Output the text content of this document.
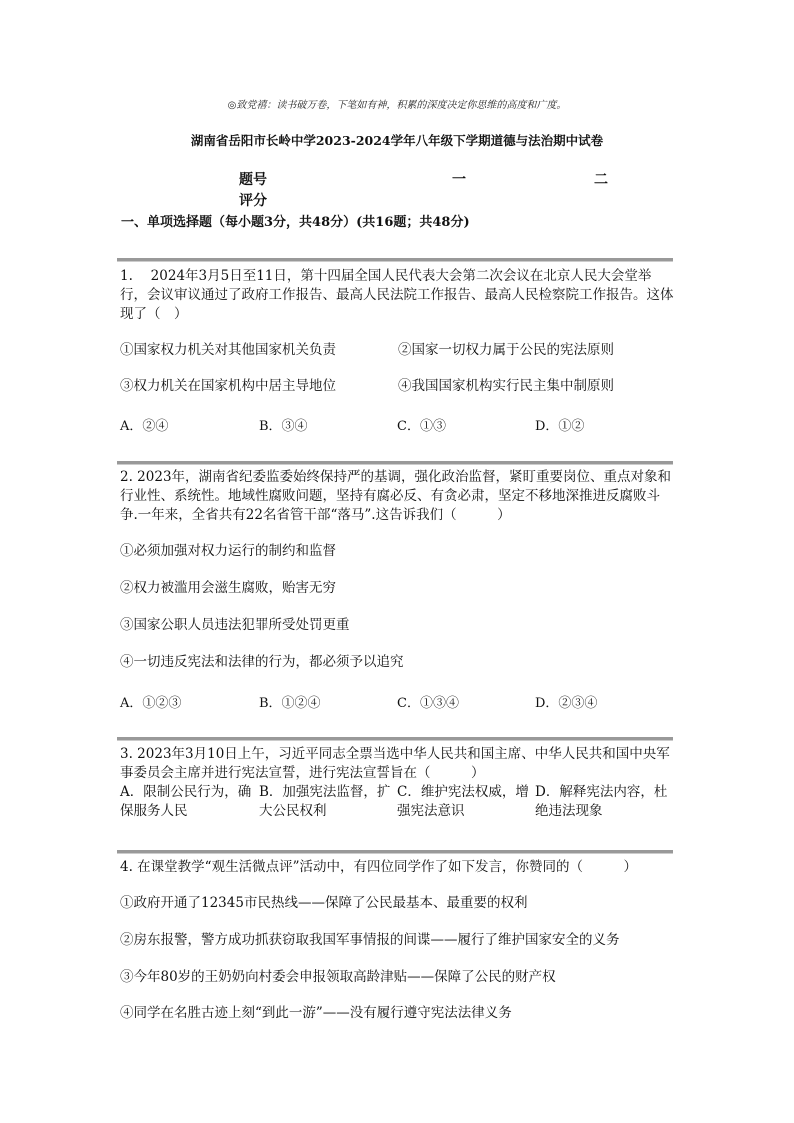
◎致党禧：读书破万卷，下笔如有神，积累的深度决定你思维的高度和广度。
湖南省岳阳市长岭中学2023-2024学年八年级下学期道德与法治期中试卷
题号	一	二
评分
一、单项选择题（每小题3分，共48分）(共16题；共48分)
1.　 2024年3月5日至11日，第十四届全国人民代表大会第二次会议在北京人民大会堂举行，会议审议通过了政府工作报告、最高人民法院工作报告、最高人民检察院工作报告。这体现了（　）
①国家权力机关对其他国家机关负责	②国家一切权力属于公民的宪法原则
③权力机关在国家机构中居主导地位	④我国国家机构实行民主集中制原则
A．②④	B．③④	C．①③	D．①②
2. 2023年，湖南省纪委监委始终保持严的基调，强化政治监督，紧盯重要岗位、重点对象和行业性、系统性。地域性腐败问题，坚持有腐必反、有贪必肃，坚定不移地深推进反腐败斗争.一年来，全省共有22名省管干部“落马”.这告诉我们（　　　）
①必须加强对权力运行的制约和监督
②权力被滥用会滋生腐败，贻害无穷
③国家公职人员违法犯罪所受处罚更重
④一切违反宪法和法律的行为，都必须予以追究
A．①②③	B．①②④	C．①③④	D．②③④
3. 2023年3月10日上午，习近平同志全票当选中华人民共和国主席、中华人民共和国中央军事委员会主席并进行宪法宣誓，进行宪法宣誓旨在（　　　）
A．限制公民行为，确保服务人民
B．加强宪法监督，扩大公民权利
C．维护宪法权威，增强宪法意识
D．解释宪法内容，杜绝违法现象
4. 在课堂教学“观生活微点评”活动中，有四位同学作了如下发言，你赞同的（　　　）
①政府开通了12345市民热线——保障了公民最基本、最重要的权利
②房东报警，警方成功抓获窃取我国军事情报的间谍——履行了维护国家安全的义务
③今年80岁的王奶奶向村委会申报领取高龄津贴——保障了公民的财产权
④同学在名胜古迹上刻“到此一游”——没有履行遵守宪法法律义务
